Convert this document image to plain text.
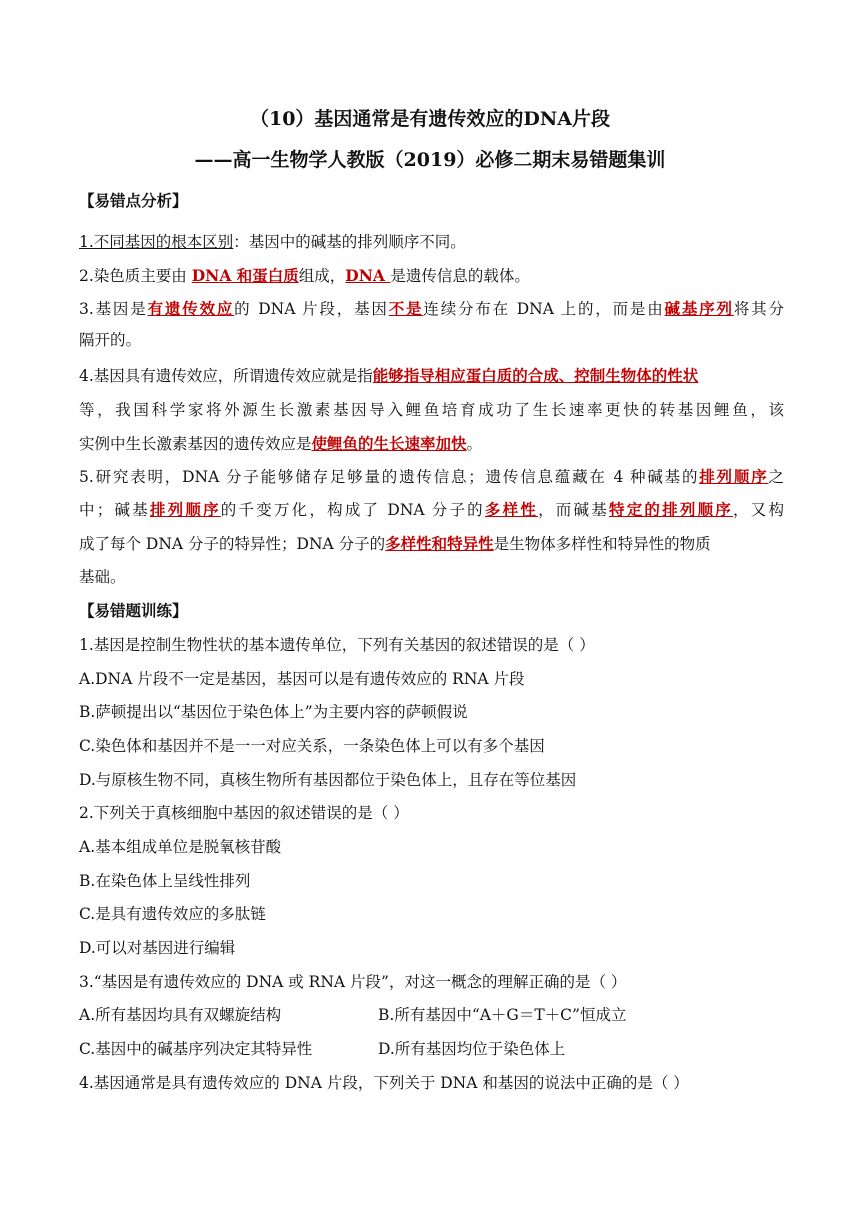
（10）基因通常是有遗传效应的DNA片段
——高一生物学人教版（2019）必修二期末易错题集训
【易错点分析】
1.不同基因的根本区别：基因中的碱基的排列顺序不同。
2.染色质主要由 DNA 和蛋白质组成，DNA 是遗传信息的载体。
3.基因是有遗传效应的 DNA 片段，基因不是连续分布在 DNA 上的，而是由碱基序列将其分
隔开的。
4.基因具有遗传效应，所谓遗传效应就是指能够指导相应蛋白质的合成、控制生物体的性状
等，我国科学家将外源生长激素基因导入鲤鱼培育成功了生长速率更快的转基因鲤鱼，该
实例中生长激素基因的遗传效应是使鲤鱼的生长速率加快。
5.研究表明，DNA 分子能够储存足够量的遗传信息；遗传信息蕴藏在 4 种碱基的排列顺序之
中；碱基排列顺序的千变万化，构成了 DNA 分子的多样性，而碱基特定的排列顺序，又构
成了每个 DNA 分子的特异性；DNA 分子的多样性和特异性是生物体多样性和特异性的物质
基础。
【易错题训练】
1.基因是控制生物性状的基本遗传单位，下列有关基因的叙述错误的是（ ）
A.DNA 片段不一定是基因，基因可以是有遗传效应的 RNA 片段
B.萨顿提出以“基因位于染色体上”为主要内容的萨顿假说
C.染色体和基因并不是一一对应关系，一条染色体上可以有多个基因
D.与原核生物不同，真核生物所有基因都位于染色体上，且存在等位基因
2.下列关于真核细胞中基因的叙述错误的是（ ）
A.基本组成单位是脱氧核苷酸
B.在染色体上呈线性排列
C.是具有遗传效应的多肽链
D.可以对基因进行编辑
3.“基因是有遗传效应的 DNA 或 RNA 片段”，对这一概念的理解正确的是（ ）
A.所有基因均具有双螺旋结构	B.所有基因中“A＋G＝T＋C”恒成立
C.基因中的碱基序列决定其特异性	D.所有基因均位于染色体上
4.基因通常是具有遗传效应的 DNA 片段，下列关于 DNA 和基因的说法中正确的是（ ）
